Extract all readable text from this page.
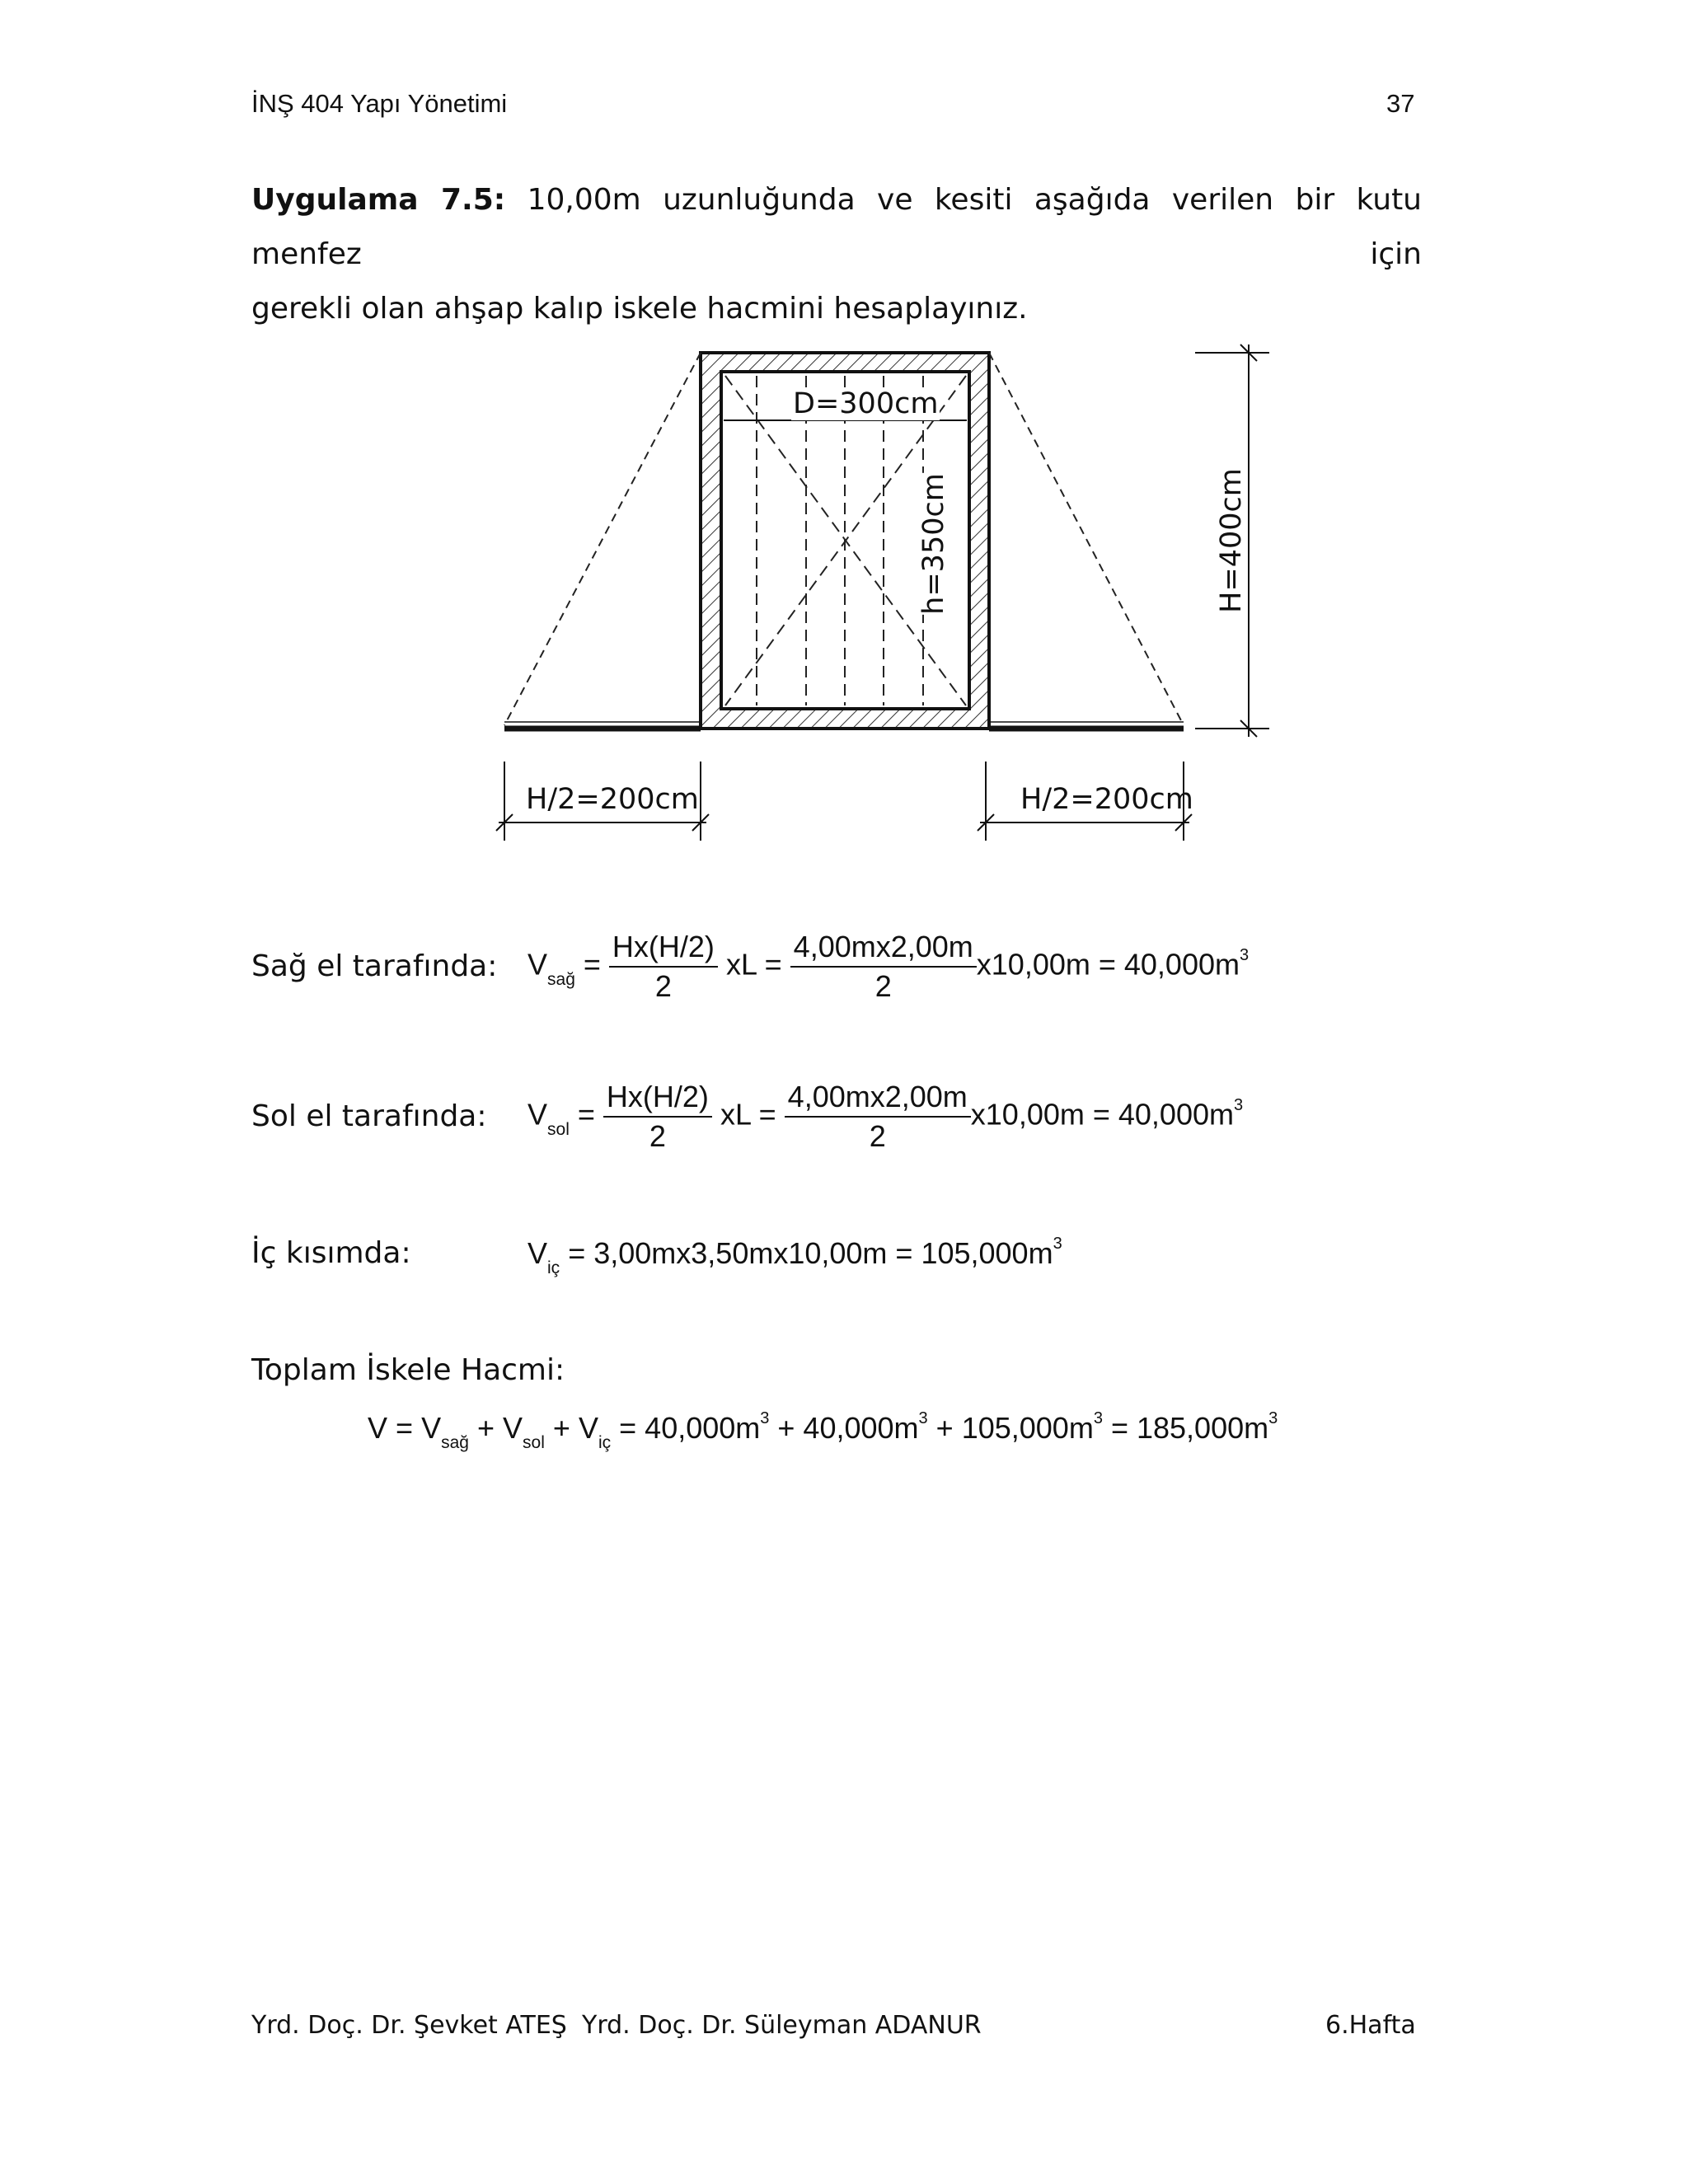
İNŞ 404 Yapı Yönetimi	37
Uygulama 7.5: 10,00m uzunluğunda ve kesiti aşağıda verilen bir kutu menfez için
gerekli olan ahşap kalıp iskele hacmini hesaplayınız.
D=300cm
h=350cm	H=400cm
H/2=200cm	H/2=200cm
Sağ el tarafında: $V_{sağ} = \frac{Hx(H/2)}{2}$ xL = $\frac{4,00mx2,00m}{2} x10,00m = 40,000m^3$
Sol el tarafında: $V_{sol} = \frac{Hx(H/2)}{2}$ xL = $\frac{4,00mx2,00m}{2} x10,00m = 40,000m^3$
İç kısımda:	$V_{iç} = 3,00mx3,50mx10,00m = 105,000m^3$
Toplam İskele Hacmi:
$V = V_{sağ} + V_{sol} + V_{iç} = 40,000m^3 + 40,000m^3 + 105,000m^3 = 185,000m^3$
Yrd. Doç. Dr. Şevket ATEŞ Yrd. Doç. Dr. Süleyman ADANUR	6.Hafta
